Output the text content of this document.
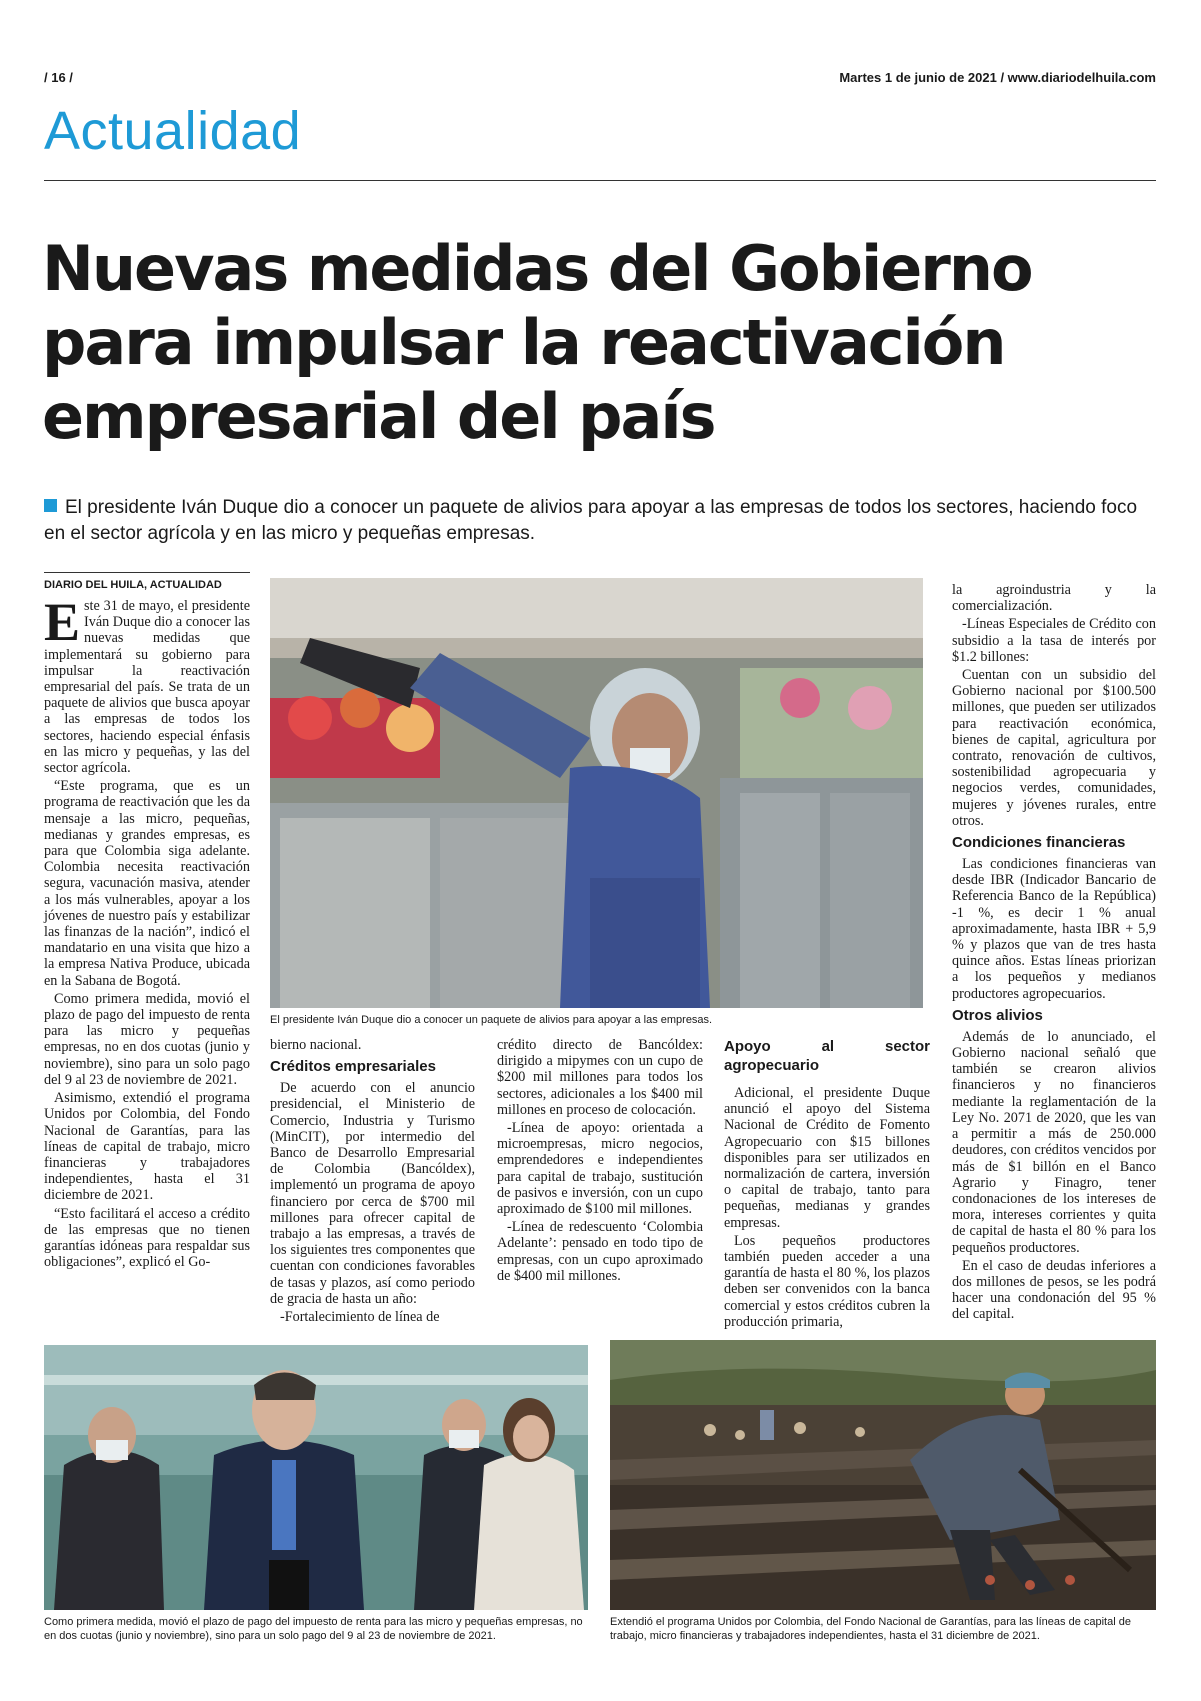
/ 16 /	Martes 1 de junio de 2021 / www.diariodelhuila.com
Actualidad
Nuevas medidas del Gobierno para impulsar la reactivación empresarial del país
El presidente Iván Duque dio a conocer un paquete de alivios para apoyar a las empresas de todos los sectores, haciendo foco en el sector agrícola y en las micro y pequeñas empresas.
DIARIO DEL HUILA, ACTUALIDAD

Este 31 de mayo, el presidente Iván Duque dio a conocer las nuevas medidas que implementará su gobierno para impulsar la reactivación empresarial del país. Se trata de un paquete de alivios que busca apoyar a las empresas de todos los sectores, haciendo especial énfasis en las micro y pequeñas, y las del sector agrícola.

“Este programa, que es un programa de reactivación que les da mensaje a las micro, pequeñas, medianas y grandes empresas, es para que Colombia siga adelante. Colombia necesita reactivación segura, vacunación masiva, atender a los más vulnerables, apoyar a los jóvenes de nuestro país y estabilizar las finanzas de la nación”, indicó el mandatario en una visita que hizo a la empresa Nativa Produce, ubicada en la Sabana de Bogotá.

Como primera medida, movió el plazo de pago del impuesto de renta para las micro y pequeñas empresas, no en dos cuotas (junio y noviembre), sino para un solo pago del 9 al 23 de noviembre de 2021.

Asimismo, extendió el programa Unidos por Colombia, del Fondo Nacional de Garantías, para las líneas de capital de trabajo, micro financieras y trabajadores independientes, hasta el 31 diciembre de 2021.

“Esto facilitará el acceso a crédito de las empresas que no tienen garantías idóneas para respaldar sus obligaciones”, explicó el Go-

El presidente Iván Duque dio a conocer un paquete de alivios para apoyar a las empresas.

bierno nacional.

Créditos empresariales

De acuerdo con el anuncio presidencial, el Ministerio de Comercio, Industria y Turismo (MinCIT), por intermedio del Banco de Desarrollo Empresarial de Colombia (Bancóldex), implementó un programa de apoyo financiero por cerca de $700 mil millones para ofrecer capital de trabajo a las empresas, a través de los siguientes tres componentes que cuentan con condiciones favorables de tasas y plazos, así como periodo de gracia de hasta un año:

-Fortalecimiento de línea de

crédito directo de Bancóldex: dirigido a mipymes con un cupo de $200 mil millones para todos los sectores, adicionales a los $400 mil millones en proceso de colocación.

-Línea de apoyo: orientada a microempresas, micro negocios, emprendedores e independientes para capital de trabajo, sustitución de pasivos e inversión, con un cupo aproximado de $100 mil millones.

-Línea de redescuento ‘Colombia Adelante’: pensado en todo tipo de empresas, con un cupo aproximado de $400 mil millones.

Apoyo al sector agropecuario

Adicional, el presidente Duque anunció el apoyo del Sistema Nacional de Crédito de Fomento Agropecuario con $15 billones disponibles para ser utilizados en normalización de cartera, inversión o capital de trabajo, tanto para pequeñas, medianas y grandes empresas.

Los pequeños productores también pueden acceder a una garantía de hasta el 80 %, los plazos deben ser convenidos con la banca comercial y estos créditos cubren la producción primaria,

la agroindustria y la comercialización.

-Líneas Especiales de Crédito con subsidio a la tasa de interés por $1.2 billones:

Cuentan con un subsidio del Gobierno nacional por $100.500 millones, que pueden ser utilizados para reactivación económica, bienes de capital, agricultura por contrato, renovación de cultivos, sostenibilidad agropecuaria y negocios verdes, comunidades, mujeres y jóvenes rurales, entre otros.

Condiciones financieras

Las condiciones financieras van desde IBR (Indicador Bancario de Referencia Banco de la República) -1 %, es decir 1 % anual aproximadamente, hasta IBR + 5,9 % y plazos que van de tres hasta quince años. Estas líneas priorizan a los pequeños y medianos productores agropecuarios.

Otros alivios

Además de lo anunciado, el Gobierno nacional señaló que también se crearon alivios financieros y no financieros mediante la reglamentación de la Ley No. 2071 de 2020, que les van a permitir a más de 250.000 deudores, con créditos vencidos por más de $1 billón en el Banco Agrario y Finagro, tener condonaciones de los intereses de mora, intereses corrientes y quita de capital de hasta el 80 % para los pequeños productores.

En el caso de deudas inferiores a dos millones de pesos, se les podrá hacer una condonación del 95 % del capital.

Como primera medida, movió el plazo de pago del impuesto de renta para las micro y pequeñas empresas, no en dos cuotas (junio y noviembre), sino para un solo pago del 9 al 23 de noviembre de 2021.
Extendió el programa Unidos por Colombia, del Fondo Nacional de Garantías, para las líneas de capital de trabajo, micro financieras y trabajadores independientes, hasta el 31 diciembre de 2021.
